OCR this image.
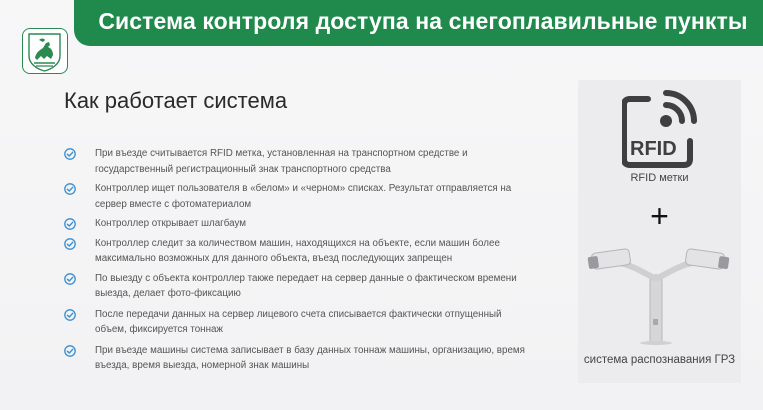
Система контроля доступа на снегоплавильные пункты
Как работает система
При въезде считывается RFID метка, установленная на транспортном средстве и государственный регистрационный знак транспортного средства
Контроллер ищет пользователя в «белом» и «черном» списках. Результат отправляется на сервер вместе с фотоматериалом
Контроллер открывает шлагбаум
Контроллер следит за количеством машин, находящихся на объекте, если машин более максимально возможных для данного объекта, въезд последующих запрещен
По выезду с объекта контроллер также передает на сервер данные о фактическом времени выезда, делает фото-фиксацию
После передачи данных на сервер лицевого счета списывается фактически отпущенный объем, фиксируется тоннаж
При въезде машины система записывает в базу данных тоннаж машины, организацию, время въезда, время выезда, номерной знак машины
RFID
RFID метки
+
система распознавания ГРЗ
